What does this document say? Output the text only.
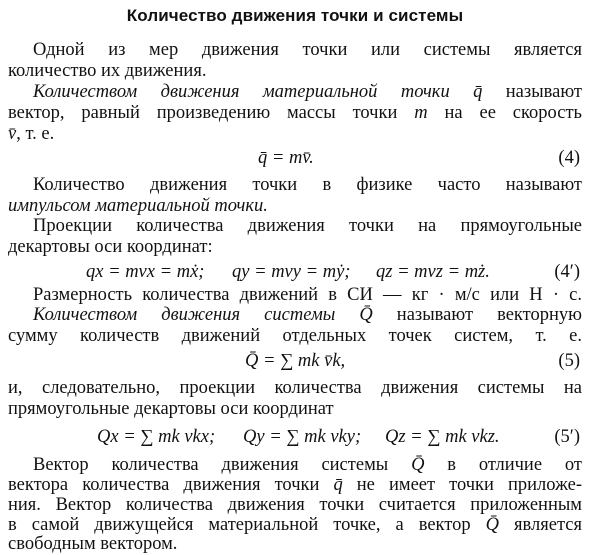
Количество движения точки и системы
Одной из мер движения точки или системы является
количество их движения.
Количеством движения материальной точки q̄ называют
вектор, равный произведению массы точки m на ее скорость
v̄, т. е.
q̄ = mv̄.	(4)
Количество движения точки в физике часто называют
импульсом материальной точки.
Проекции количества движения точки на прямоугольные
декартовы оси координат:
qx = mvx = mẋ; qy = mvy = mẏ; qz = mvz = mż.	(4′)
Размерность количества движений в СИ — кг · м/с или Н · с.
Количеством движения системы Q̄ называют векторную
сумму количеств движений отдельных точек систем, т. е.
Q̄ = ∑ mk v̄k,	(5)
и, следовательно, проекции количества движения системы на
прямоугольные декартовы оси координат
Qx = ∑ mk vkx; Qy = ∑ mk vky; Qz = ∑ mk vkz.	(5′)
Вектор количества движения системы Q̄ в отличие от
вектора количества движения точки q̄ не имеет точки приложе-
ния. Вектор количества движения точки считается приложенным
в самой движущейся материальной точке, а вектор Q̄ является
свободным вектором.
